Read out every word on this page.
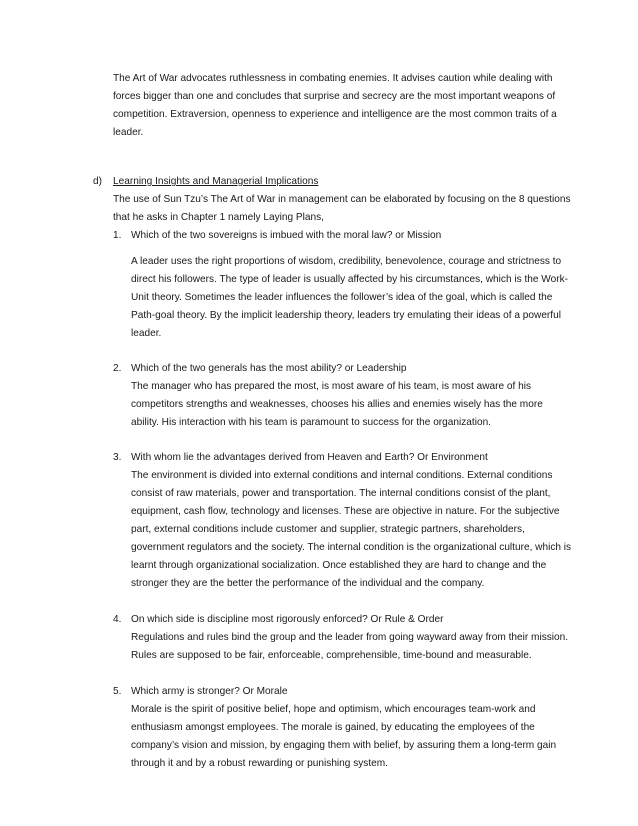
The Art of War advocates ruthlessness in combating enemies. It advises caution while dealing with forces bigger than one and concludes that surprise and secrecy are the most important weapons of competition. Extraversion, openness to experience and intelligence are the most common traits of a leader.

d) Learning Insights and Managerial Implications

The use of Sun Tzu’s The Art of War in management can be elaborated by focusing on the 8 questions that he asks in Chapter 1 namely Laying Plans,

1. Which of the two sovereigns is imbued with the moral law? or Mission

A leader uses the right proportions of wisdom, credibility, benevolence, courage and strictness to direct his followers. The type of leader is usually affected by his circumstances, which is the Work-Unit theory. Sometimes the leader influences the follower’s idea of the goal, which is called the Path-goal theory. By the implicit leadership theory, leaders try emulating their ideas of a powerful leader.

2. Which of the two generals has the most ability? or Leadership

The manager who has prepared the most, is most aware of his team, is most aware of his competitors strengths and weaknesses, chooses his allies and enemies wisely has the more ability. His interaction with his team is paramount to success for the organization.

3. With whom lie the advantages derived from Heaven and Earth? Or Environment

The environment is divided into external conditions and internal conditions. External conditions consist of raw materials, power and transportation. The internal conditions consist of the plant, equipment, cash flow, technology and licenses. These are objective in nature. For the subjective part, external conditions include customer and supplier, strategic partners, shareholders, government regulators and the society. The internal condition is the organizational culture, which is learnt through organizational socialization. Once established they are hard to change and the stronger they are the better the performance of the individual and the company.

4. On which side is discipline most rigorously enforced? Or Rule & Order

Regulations and rules bind the group and the leader from going wayward away from their mission. Rules are supposed to be fair, enforceable, comprehensible, time-bound and measurable.

5. Which army is stronger? Or Morale

Morale is the spirit of positive belief, hope and optimism, which encourages team-work and enthusiasm amongst employees. The morale is gained, by educating the employees of the company’s vision and mission, by engaging them with belief, by assuring them a long-term gain through it and by a robust rewarding or punishing system.
